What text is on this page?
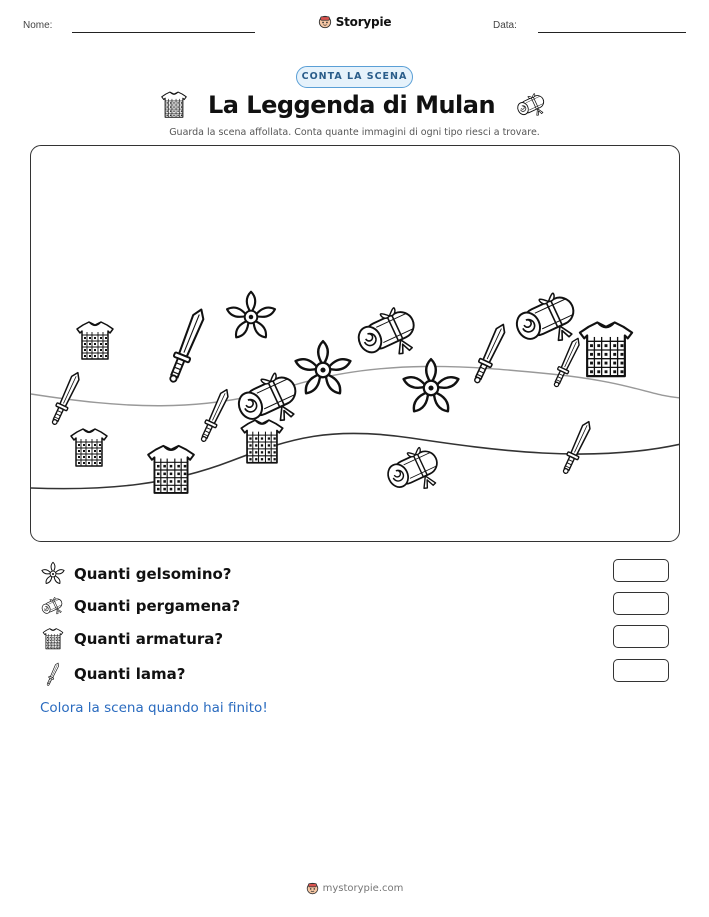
Nome:	Storypie	Data:
CONTA LA SCENA
La Leggenda di Mulan
Guarda la scena affollata. Conta quante immagini di ogni tipo riesci a trovare.
Quanti gelsomino?
Quanti pergamena?
Quanti armatura?
Quanti lama?
Colora la scena quando hai finito!
mystorypie.com
